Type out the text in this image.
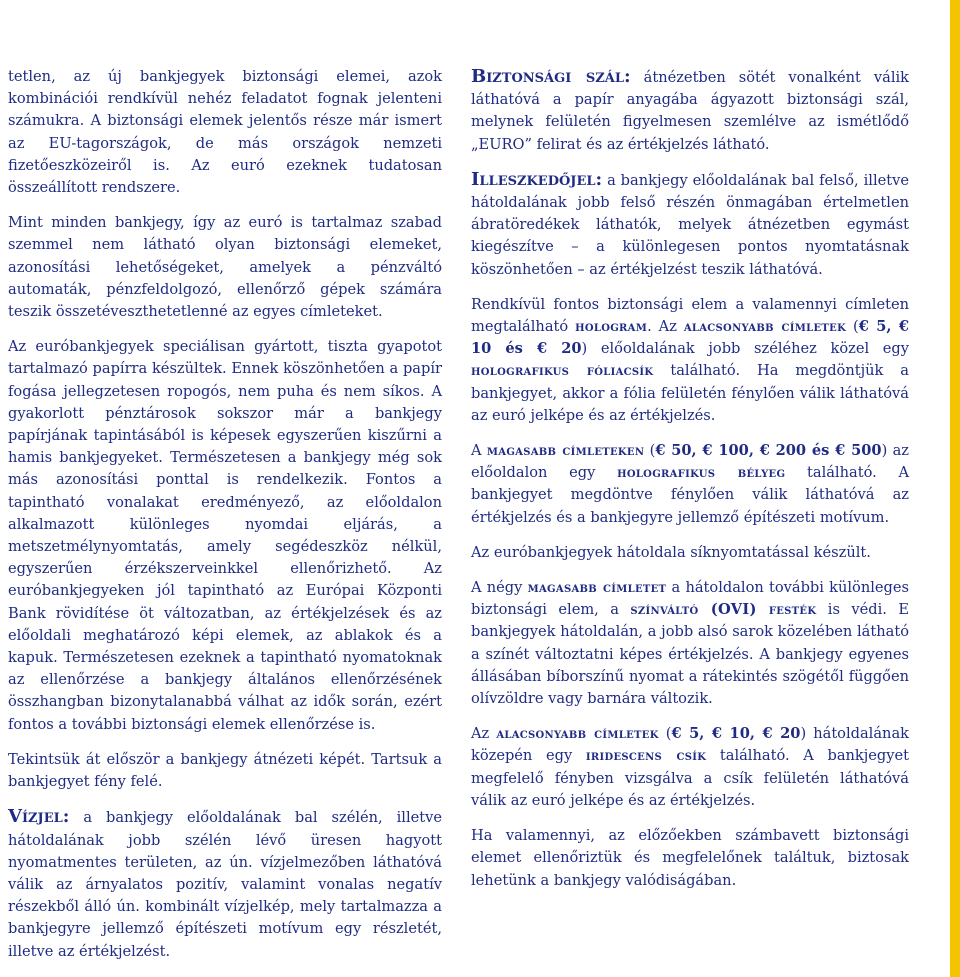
tetlen, az új bankjegyek biztonsági elemei, azok kombinációi rendkívül nehéz feladatot fognak jelenteni számukra. A biztonsági elemek jelentős része már ismert az EU-tagországok, de más országok nemzeti fizetőeszközeiről is. Az euró ezeknek tudatosan összeállított rendszere.

Mint minden bankjegy, így az euró is tartalmaz szabad szemmel nem látható olyan biztonsági elemeket, azonosítási lehetőségeket, amelyek a pénzváltó automaták, pénzfeldolgozó, ellenőrző gépek számára teszik összetéveszthetetlenné az egyes címleteket.

Az euróbankjegyek speciálisan gyártott, tiszta gyapotot tartalmazó papírra készültek. Ennek köszönhetően a papír fogása jellegzetesen ropogós, nem puha és nem síkos. A gyakorlott pénztárosok sokszor már a bankjegy papírjának tapintásából is képesek egyszerűen kiszűrni a hamis bankjegyeket. Természetesen a bankjegy még sok más azonosítási ponttal is rendelkezik. Fontos a tapintható vonalakat eredményező, az előoldalon alkalmazott különleges nyomdai eljárás, a metszetmélynyomtatás, amely segédeszköz nélkül, egyszerűen érzékszerveinkkel ellenőrizhető. Az euróbankjegyeken jól tapintható az Európai Központi Bank rövidítése öt változatban, az értékjelzések és az előoldali meghatározó képi elemek, az ablakok és a kapuk. Természetesen ezeknek a tapintható nyomatoknak az ellenőrzése a bankjegy általános ellenőrzésének összhangban bizonytalanabbá válhat az idők során, ezért fontos a további biztonsági elemek ellenőrzése is.

Tekintsük át először a bankjegy átnézeti képét. Tartsuk a bankjegyet fény felé.

Vízjel: a bankjegy előoldalának bal szélén, illetve hátoldalának jobb szélén lévő üresen hagyott nyomatmentes területen, az ún. vízjelmezőben láthatóvá válik az árnyalatos pozitív, valamint vonalas negatív részekből álló ún. kombinált vízjelkép, mely tartalmazza a bankjegyre jellemző építészeti motívum egy részletét, illetve az értékjelzést.

Biztonsági szál: átnézetben sötét vonalként válik láthatóvá a papír anyagába ágyazott biztonsági szál, melynek felületén figyelmesen szemlélve az ismétlődő „EURO” felirat és az értékjelzés látható.

Illeszkedőjel: a bankjegy előoldalának bal felső, illetve hátoldalának jobb felső részén önmagában értelmetlen ábratöredékek láthatók, melyek átnézetben egymást kiegészítve – a különlegesen pontos nyomtatásnak köszönhetően – az értékjelzést teszik láthatóvá.

Rendkívül fontos biztonsági elem a valamennyi címleten megtalálható hologram. Az alacsonyabb címletek (€ 5, € 10 és € 20) előoldalának jobb széléhez közel egy holografikus fóliacsík található. Ha megdöntjük a bankjegyet, akkor a fólia felületén fénylően válik láthatóvá az euró jelképe és az értékjelzés.

A magasabb címleteken (€ 50, € 100, € 200 és € 500) az előoldalon egy holografikus bélyeg található. A bankjegyet megdöntve fénylően válik láthatóvá az értékjelzés és a bankjegyre jellemző építészeti motívum.

Az euróbankjegyek hátoldala síknyomtatással készült.

A négy magasabb címletet a hátoldalon további különleges biztonsági elem, a színváltó (OVI) festék is védi. E bankjegyek hátoldalán, a jobb alsó sarok közelében látható a színét változtatni képes értékjelzés. A bankjegy egyenes állásában bíborszínű nyomat a rátekintés szögétől függően olívzöldre vagy barnára változik.

Az alacsonyabb címletek (€ 5, € 10, € 20) hátoldalának közepén egy iridescens csík található. A bankjegyet megfelelő fényben vizsgálva a csík felületén láthatóvá válik az euró jelképe és az értékjelzés.

Ha valamennyi, az előzőekben számbavett biztonsági elemet ellenőriztük és megfelelőnek találtuk, biztosak lehetünk a bankjegy valódiságában.
